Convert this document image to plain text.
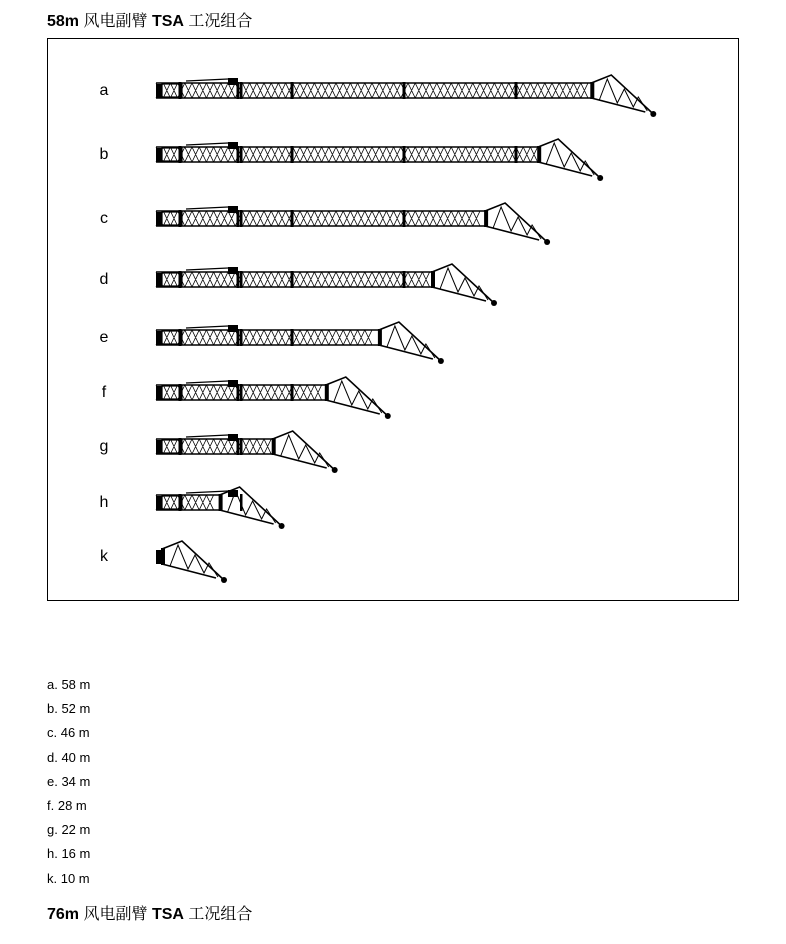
58m 风电副臂 TSA 工况组合
a
b
c
d
e
f
g
h
k
a. 58 m
b. 52 m
c. 46 m
d. 40 m
e. 34 m
f. 28 m
g. 22 m
h. 16 m
k. 10 m
76m 风电副臂 TSA 工况组合
